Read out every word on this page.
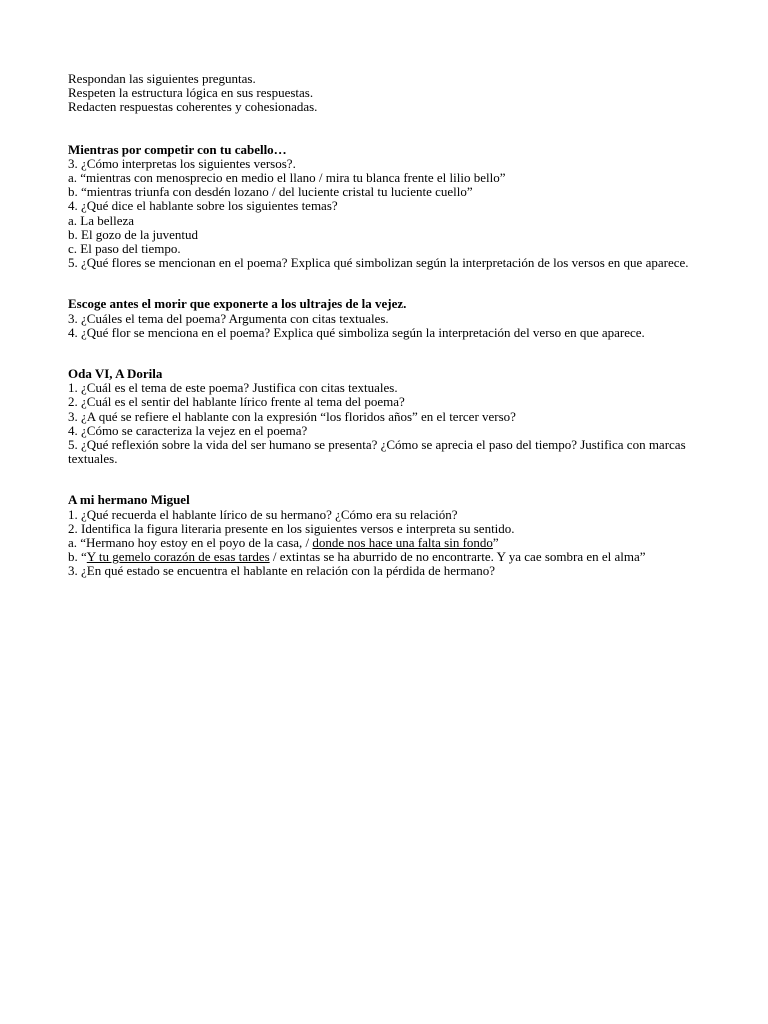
Respondan las siguientes preguntas.

Respeten la estructura lógica en sus respuestas.

Redacten respuestas coherentes y cohesionadas.

Mientras por competir con tu cabello…

3. ¿Cómo interpretas los siguientes versos?.

a. “mientras con menosprecio en medio el llano / mira tu blanca frente el lilio bello”

b. “mientras triunfa con desdén lozano / del luciente cristal tu luciente cuello”

4. ¿Qué dice el hablante sobre los siguientes temas?

a. La belleza

b. El gozo de la juventud

c. El paso del tiempo.

5. ¿Qué flores se mencionan en el poema? Explica qué simbolizan según la interpretación de los versos en que aparece.

Escoge antes el morir que exponerte a los ultrajes de la vejez.

3. ¿Cuáles el tema del poema? Argumenta con citas textuales.

4. ¿Qué flor se menciona en el poema? Explica qué simboliza según la interpretación del verso en que aparece.

Oda VI, A Dorila

1. ¿Cuál es el tema de este poema? Justifica con citas textuales.

2. ¿Cuál es el sentir del hablante lírico frente al tema del poema?

3. ¿A qué se refiere el hablante con la expresión “los floridos años” en el tercer verso?

4. ¿Cómo se caracteriza la vejez en el poema?

5. ¿Qué reflexión sobre la vida del ser humano se presenta? ¿Cómo se aprecia el paso del tiempo? Justifica con marcas textuales.

A mi hermano Miguel

1. ¿Qué recuerda el hablante lírico de su hermano? ¿Cómo era su relación?

2. Identifica la figura literaria presente en los siguientes versos e interpreta su sentido.

a. “Hermano hoy estoy en el poyo de la casa, / donde nos hace una falta sin fondo”

b. “Y tu gemelo corazón de esas tardes / extintas se ha aburrido de no encontrarte. Y ya cae sombra en el alma”

3. ¿En qué estado se encuentra el hablante en relación con la pérdida de hermano?
